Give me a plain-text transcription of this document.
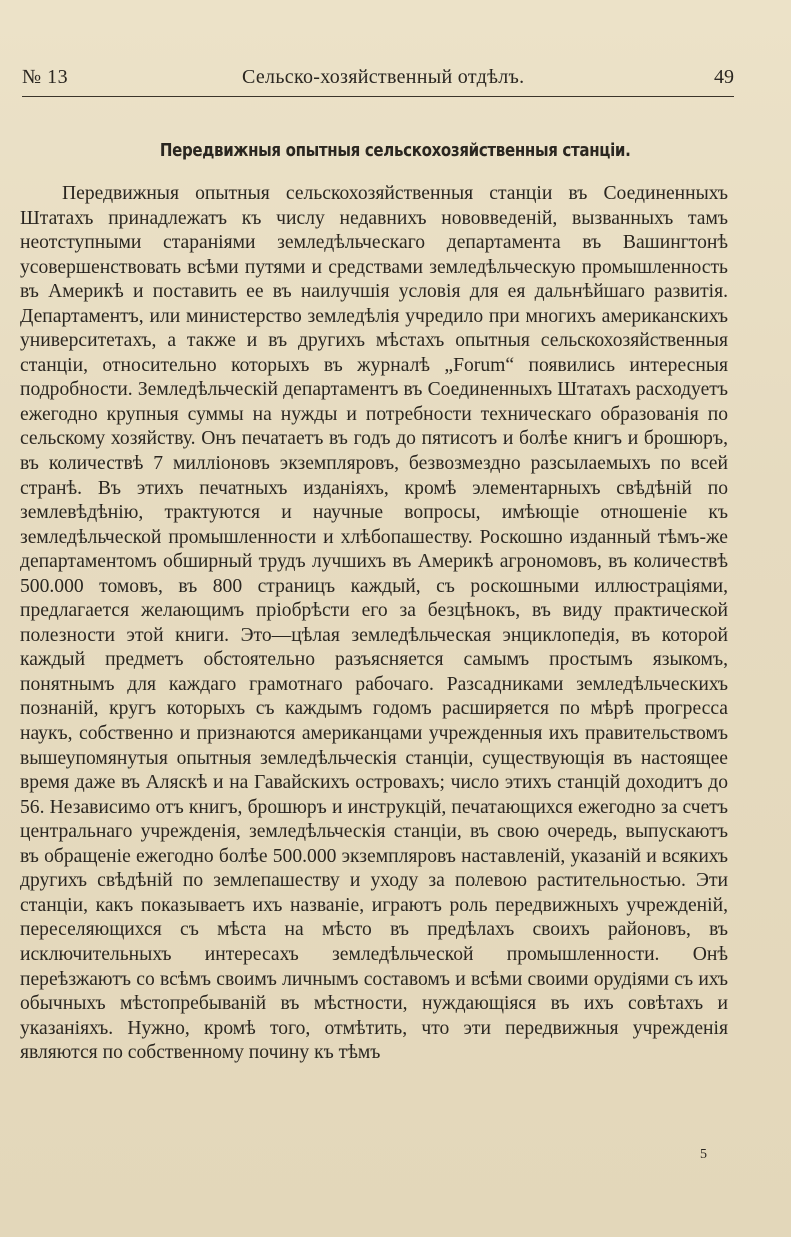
№ 13	Сельско-хозяйственный отдѣлъ.	49
Передвижныя опытныя сельскохозяйственныя станціи.

Передвижныя опытныя сельскохозяйственныя станціи въ Соединенныхъ Штатахъ принадлежатъ къ числу недавнихъ нововведеній, вызванныхъ тамъ неотступными стараніями земледѣльческаго департамента въ Вашингтонѣ усовершенствовать всѣми путями и средствами земледѣльческую промышленность въ Америкѣ и поставить ее въ наилучшія условія для ея дальнѣйшаго развитія. Департаментъ, или министерство земледѣлія учредило при многихъ американскихъ университетахъ, а также и въ другихъ мѣстахъ опытныя сельскохозяйственныя станціи, относительно которыхъ въ журналѣ „Forum“ появились интересныя подробности. Земледѣльческій департаментъ въ Соединенныхъ Штатахъ расходуетъ ежегодно крупныя суммы на нужды и потребности техническаго образованія по сельскому хозяйству. Онъ печатаетъ въ годъ до пятисотъ и болѣе книгъ и брошюръ, въ количествѣ 7 милліоновъ экземпляровъ, безвозмездно разсылаемыхъ по всей странѣ. Въ этихъ печатныхъ изданіяхъ, кромѣ элементарныхъ свѣдѣній по землевѣдѣнію, трактуются и научные вопросы, имѣющіе отношеніе къ земледѣльческой промышленности и хлѣбопашеству. Роскошно изданный тѣмъ-же департаментомъ обширный трудъ лучшихъ въ Америкѣ агрономовъ, въ количествѣ 500.000 томовъ, въ 800 страницъ каждый, съ роскошными иллюстраціями, предлагается желающимъ пріобрѣсти его за безцѣнокъ, въ виду практической полезности этой книги. Это—цѣлая земледѣльческая энциклопедія, въ которой каждый предметъ обстоятельно разъясняется самымъ простымъ языкомъ, понятнымъ для каждаго грамотнаго рабочаго. Разсадниками земледѣльческихъ познаній, кругъ которыхъ съ каждымъ годомъ расширяется по мѣрѣ прогресса наукъ, собственно и признаются американцами учрежденныя ихъ правительствомъ вышеупомянутыя опытныя земледѣльческія станціи, существующія въ настоящее время даже въ Аляскѣ и на Гавайскихъ островахъ; число этихъ станцій доходитъ до 56. Независимо отъ книгъ, брошюръ и инструкцій, печатающихся ежегодно за счетъ центральнаго учрежденія, земледѣльческія станціи, въ свою очередь, выпускаютъ въ обращеніе ежегодно болѣе 500.000 экземпляровъ наставленій, указаній и всякихъ другихъ свѣдѣній по землепашеству и уходу за полевою растительностью. Эти станціи, какъ показываетъ ихъ названіе, играютъ роль передвижныхъ учрежденій, переселяющихся съ мѣста на мѣсто въ предѣлахъ своихъ районовъ, въ исключительныхъ интересахъ земледѣльческой промышленности. Онѣ переѣзжаютъ со всѣмъ своимъ личнымъ составомъ и всѣми своими орудіями съ ихъ обычныхъ мѣстопребываній въ мѣстности, нуждающіяся въ ихъ совѣтахъ и указаніяхъ. Нужно, кромѣ того, отмѣтить, что эти передвижныя учрежденія являются по собственному почину къ тѣмъ

5
